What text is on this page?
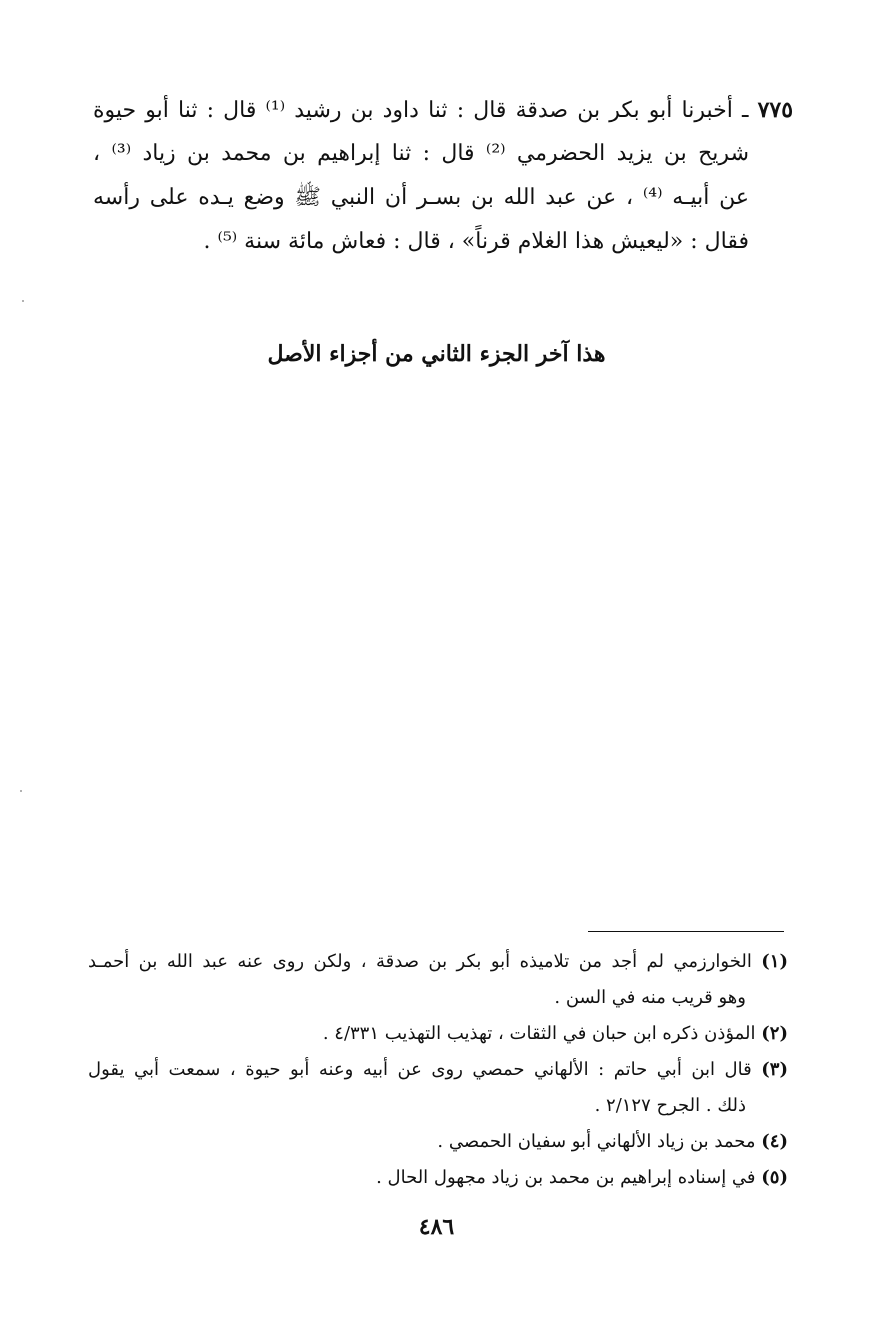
٧٧٥ ـ أخبرنا أبو بكر بن صدقة قال : ثنا داود بن رشيد ⁽¹⁾ قال : ثنا أبو حيوة
شريح بن يزيد الحضرمي ⁽²⁾ قال : ثنا إبراهيم بن محمد بن زياد ⁽³⁾ ،
عن أبيـه ⁽⁴⁾ ، عن عبد الله بن بسـر أن النبي ﷺ وضع يـده على رأسه
فقال : «ليعيش هذا الغلام قرناً» ، قال : فعاش مائة سنة ⁽⁵⁾ .
هذا آخر الجزء الثاني من أجزاء الأصل
(١) الخوارزمي لم أجد من تلاميذه أبو بكر بن صدقة ، ولكن روى عنه عبد الله بن أحمـد
وهو قريب منه في السن .
(٢) المؤذن ذكره ابن حبان في الثقات ، تهذيب التهذيب ٤/٣٣١ .
(٣) قال ابن أبي حاتم : الألهاني حمصي روى عن أبيه وعنه أبو حيوة ، سمعت أبي يقول
ذلك . الجرح ٢/١٢٧ .
(٤) محمد بن زياد الألهاني أبو سفيان الحمصي .
(٥) في إسناده إبراهيم بن محمد بن زياد مجهول الحال .
٤٨٦
